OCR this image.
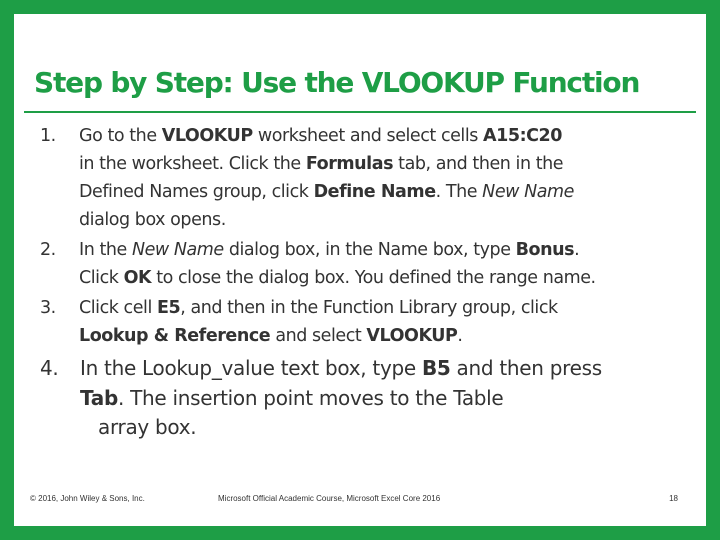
Step by Step: Use the VLOOKUP Function
1. Go to the VLOOKUP worksheet and select cells A15:C20
in the worksheet. Click the Formulas tab, and then in the
Defined Names group, click Define Name. The New Name
dialog box opens.
2. In the New Name dialog box, in the Name box, type Bonus.
Click OK to close the dialog box. You defined the range name.
3. Click cell E5, and then in the Function Library group, click
Lookup & Reference and select VLOOKUP.
4. In the Lookup_value text box, type B5 and then press
Tab. The insertion point moves to the Table
array box.
© 2016, John Wiley & Sons, Inc.	Microsoft Official Academic Course, Microsoft Excel Core 2016	18
